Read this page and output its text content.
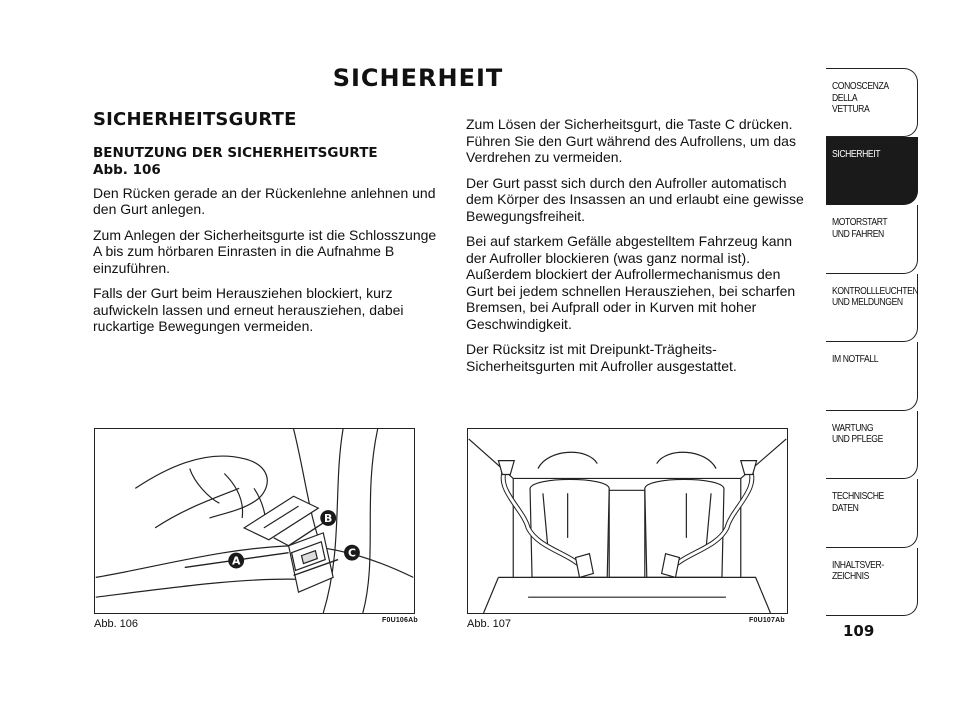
SICHERHEIT
SICHERHEITSGURTE
BENUTZUNG DER SICHERHEITSGURTE
Abb. 106

Den Rücken gerade an der Rückenlehne anlehnen und den Gurt anlegen.

Zum Anlegen der Sicherheitsgurte ist die Schlosszunge A bis zum hörbaren Einrasten in die Aufnahme B einzuführen.

Falls der Gurt beim Herausziehen blockiert, kurz aufwickeln lassen und erneut herausziehen, dabei ruckartige Bewegungen vermeiden.

Zum Lösen der Sicherheitsgurt, die Taste C drücken. Führen Sie den Gurt während des Aufrollens, um das Verdrehen zu vermeiden.

Der Gurt passt sich durch den Aufroller automatisch dem Körper des Insassen an und erlaubt eine gewisse Bewegungsfreiheit.

Bei auf starkem Gefälle abgestelltem Fahrzeug kann der Aufroller blockieren (was ganz normal ist). Außerdem blockiert der Aufrollermechanismus den Gurt bei jedem schnellen Herausziehen, bei scharfen Bremsen, bei Aufprall oder in Kurven mit hoher Geschwindigkeit.

Der Rücksitz ist mit Dreipunkt-Trägheits-Sicherheitsgurten mit Aufroller ausgestattet.

A
B
C
Abb. 106	F0U106Ab	Abb. 107	F0U107Ab
109
CONOSCENZA
DELLA
VETTURA
SICHERHEIT
MOTORSTART
UND FAHREN
KONTROLLLEUCHTEN
UND MELDUNGEN
IM NOTFALL
WARTUNG
UND PFLEGE
TECHNISCHE
DATEN
INHALTSVER-
ZEICHNIS
